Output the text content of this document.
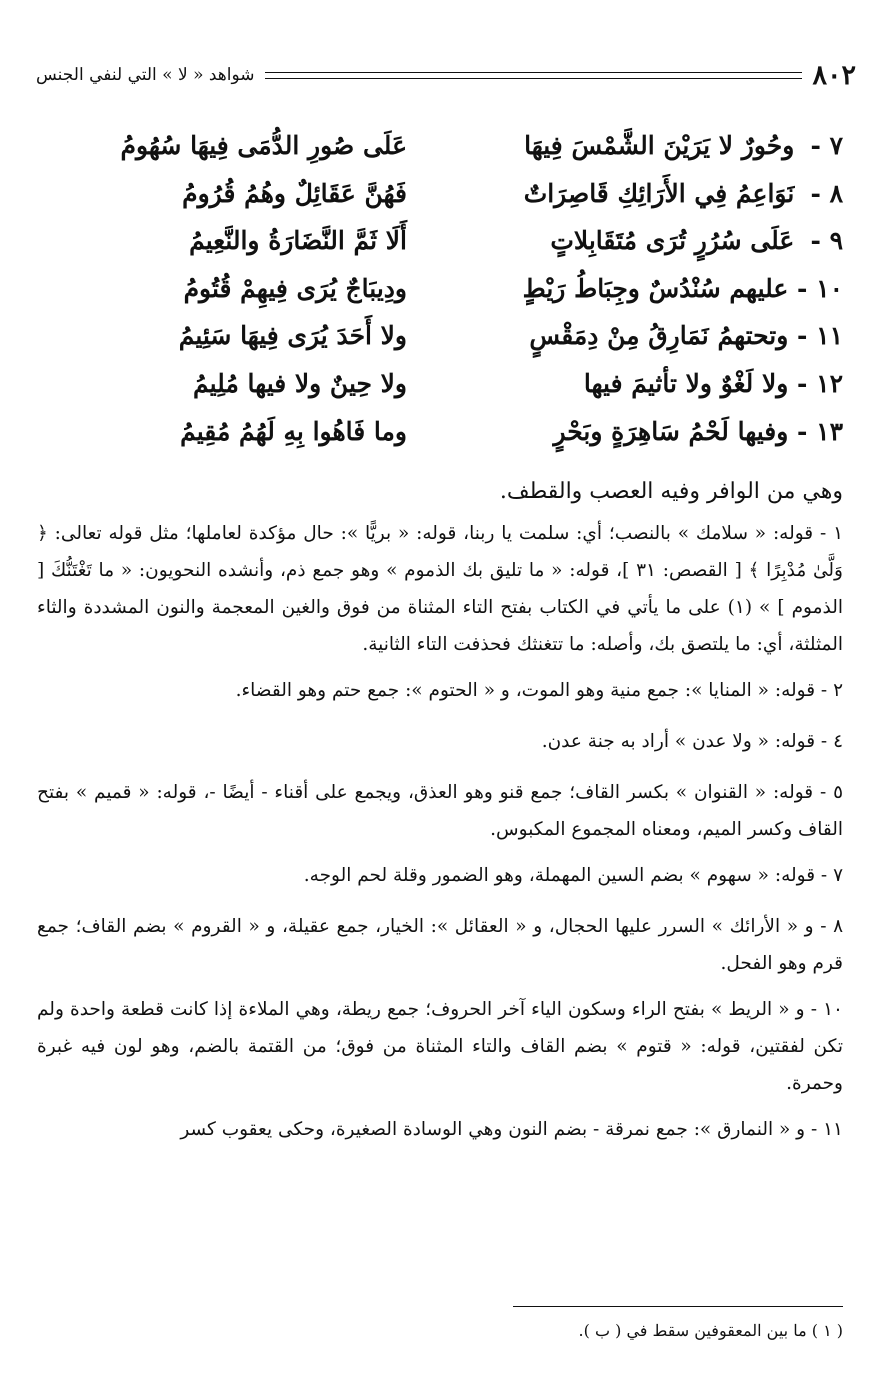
٨٠٢
شواهد « لا » التي لنفي الجنس
٧ - وحُورٌ لا يَرَيْنَ الشَّمْسَ فِيهَا
عَلَى صُورِ الدُّمَى فِيهَا سُهُومُ
٨ - نَوَاعِمُ فِي الأَرَائِكِ قَاصِرَاتٌ
فَهُنَّ عَقَائِلٌ وهُمُ قُرُومُ
٩ - عَلَى سُرُرٍ تُرَى مُتَقَابِلاتٍ
أَلَا ثَمَّ النَّضَارَةُ والنَّعِيمُ
١٠ - عليهم سُنْدُسٌ وجِبَاطُ رَيْطٍ
ودِيبَاجٌ يُرَى فِيهِمْ قُتُومُ
١١ - وتحتهمُ نَمَارِقُ مِنْ دِمَقْسٍ
ولا أَحَدَ يُرَى فِيهَا سَئِيمُ
١٢ - ولا لَغْوٌ ولا تأثيمَ فيها
ولا حِينٌ ولا فيها مُلِيمُ
١٣ - وفيها لَحْمُ سَاهِرَةٍ وبَحْرٍ
وما فَاهُوا بِهِ لَهُمُ مُقِيمُ
وهي من الوافر وفيه العصب والقطف.

١ - قوله: « سلامك » بالنصب؛ أي: سلمت يا ربنا، قوله: « بريًّا »: حال مؤكدة لعاملها؛ مثل قوله تعالى: ﴿ وَلَّىٰ مُدْبِرًا ﴾ [ القصص: ٣١ ]، قوله: « ما تليق بك الذموم » وهو جمع ذم، وأنشده النحويون: « ما تَغْتَنُّكَ [ الذموم ] » (١) على ما يأتي في الكتاب بفتح التاء المثناة من فوق والغين المعجمة والنون المشددة والثاء المثلثة، أي: ما يلتصق بك، وأصله: ما تتغنثك فحذفت التاء الثانية.

٢ - قوله: « المنايا »: جمع منية وهو الموت، و « الحتوم »: جمع حتم وهو القضاء.

٤ - قوله: « ولا عدن » أراد به جنة عدن.

٥ - قوله: « القنوان » بكسر القاف؛ جمع قنو وهو العذق، ويجمع على أقناء - أيضًا -، قوله: « قميم » بفتح القاف وكسر الميم، ومعناه المجموع المكبوس.

٧ - قوله: « سهوم » بضم السين المهملة، وهو الضمور وقلة لحم الوجه.

٨ - و « الأرائك » السرر عليها الحجال، و « العقائل »: الخيار، جمع عقيلة، و « القروم » بضم القاف؛ جمع قرم وهو الفحل.

١٠ - و « الريط » بفتح الراء وسكون الياء آخر الحروف؛ جمع ريطة، وهي الملاءة إذا كانت قطعة واحدة ولم تكن لفقتين، قوله: « قتوم » بضم القاف والتاء المثناة من فوق؛ من القتمة بالضم، وهو لون فيه غبرة وحمرة.

١١ - و « النمارق »: جمع نمرقة - بضم النون وهي الوسادة الصغيرة، وحكى يعقوب كسر

( ١ ) ما بين المعقوفين سقط في ( ب ).
